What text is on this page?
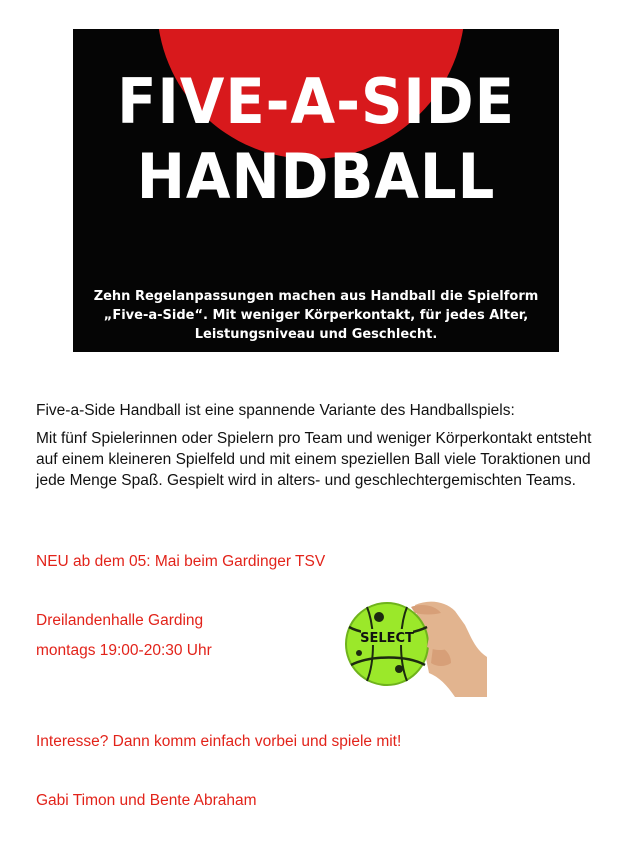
FIVE-A-SIDE
HANDBALL
Zehn Regelanpassungen machen aus Handball die Spielform
„Five-a-Side“. Mit weniger Körperkontakt, für jedes Alter,
Leistungsniveau und Geschlecht.
Five-a-Side Handball ist eine spannende Variante des Handballspiels:
Mit fünf Spielerinnen oder Spielern pro Team und weniger Körperkontakt entsteht auf einem kleineren Spielfeld und mit einem speziellen Ball viele Toraktionen und jede Menge Spaß. Gespielt wird in alters- und geschlechtergemischten Teams.
NEU ab dem 05: Mai beim Gardinger TSV
Dreilandenhalle Garding
montags 19:00-20:30 Uhr
Interesse? Dann komm einfach vorbei und spiele mit!
Gabi Timon und Bente Abraham
SELECT
